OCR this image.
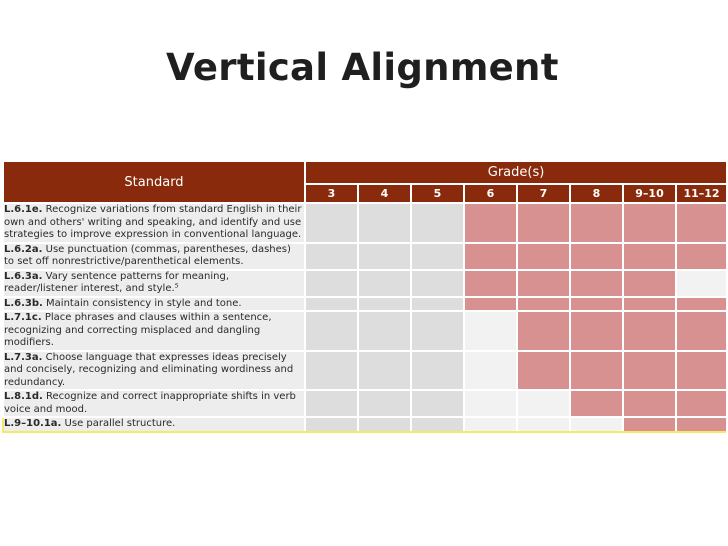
Vertical Alignment
Standard	Grade(s)							
	3	4	5	6	7	8	9–10	11–12
L.6.1e. Recognize variations from standard English in their own and others' writing and speaking, and identify and use strategies to improve expression in conventional language.								
L.6.2a. Use punctuation (commas, parentheses, dashes) to set off nonrestrictive/parenthetical elements.								
L.6.3a. Vary sentence patterns for meaning, reader/listener interest, and style.⁵								
L.6.3b. Maintain consistency in style and tone.								
L.7.1c. Place phrases and clauses within a sentence, recognizing and correcting misplaced and dangling modifiers.								
L.7.3a. Choose language that expresses ideas precisely and concisely, recognizing and eliminating wordiness and redundancy.								
L.8.1d. Recognize and correct inappropriate shifts in verb voice and mood.								
L.9–10.1a. Use parallel structure.								
